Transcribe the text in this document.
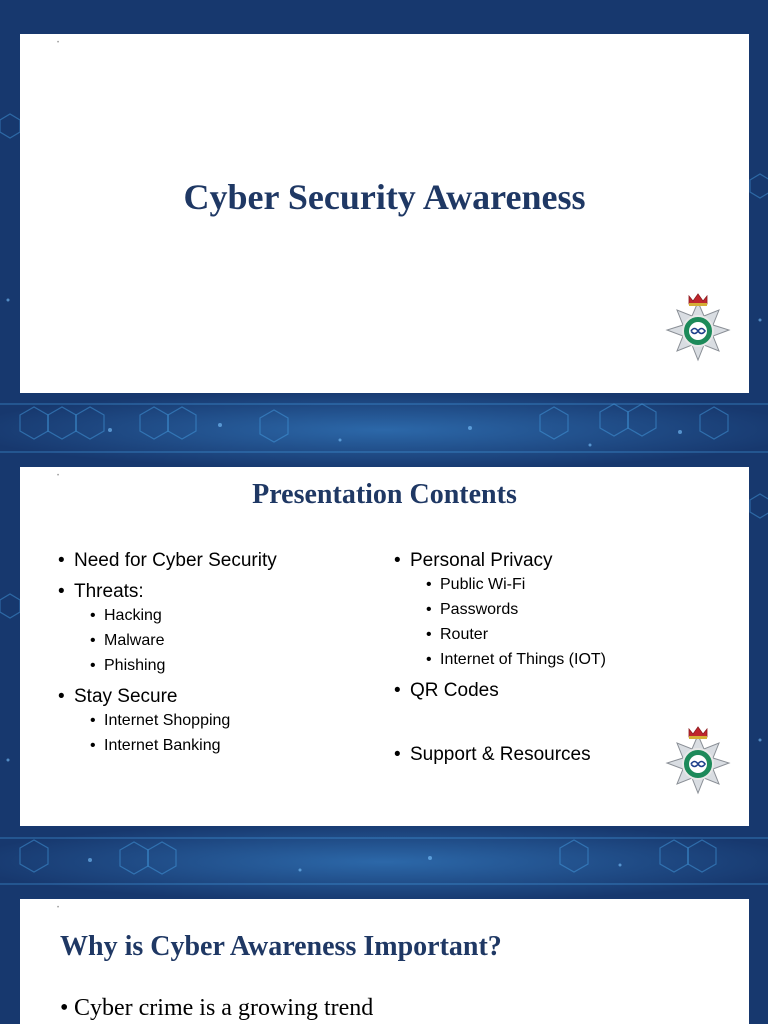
•
Cyber Security Awareness
•
Presentation Contents
• Need for Cyber Security
• Threats:
• Hacking
• Malware
• Phishing
• Stay Secure
• Internet Shopping
• Internet Banking
• Personal Privacy
• Public Wi-Fi
• Passwords
• Router
• Internet of Things (IOT)
• QR Codes
• Support & Resources
•
Why is Cyber Awareness Important?
• Cyber crime is a growing trend
